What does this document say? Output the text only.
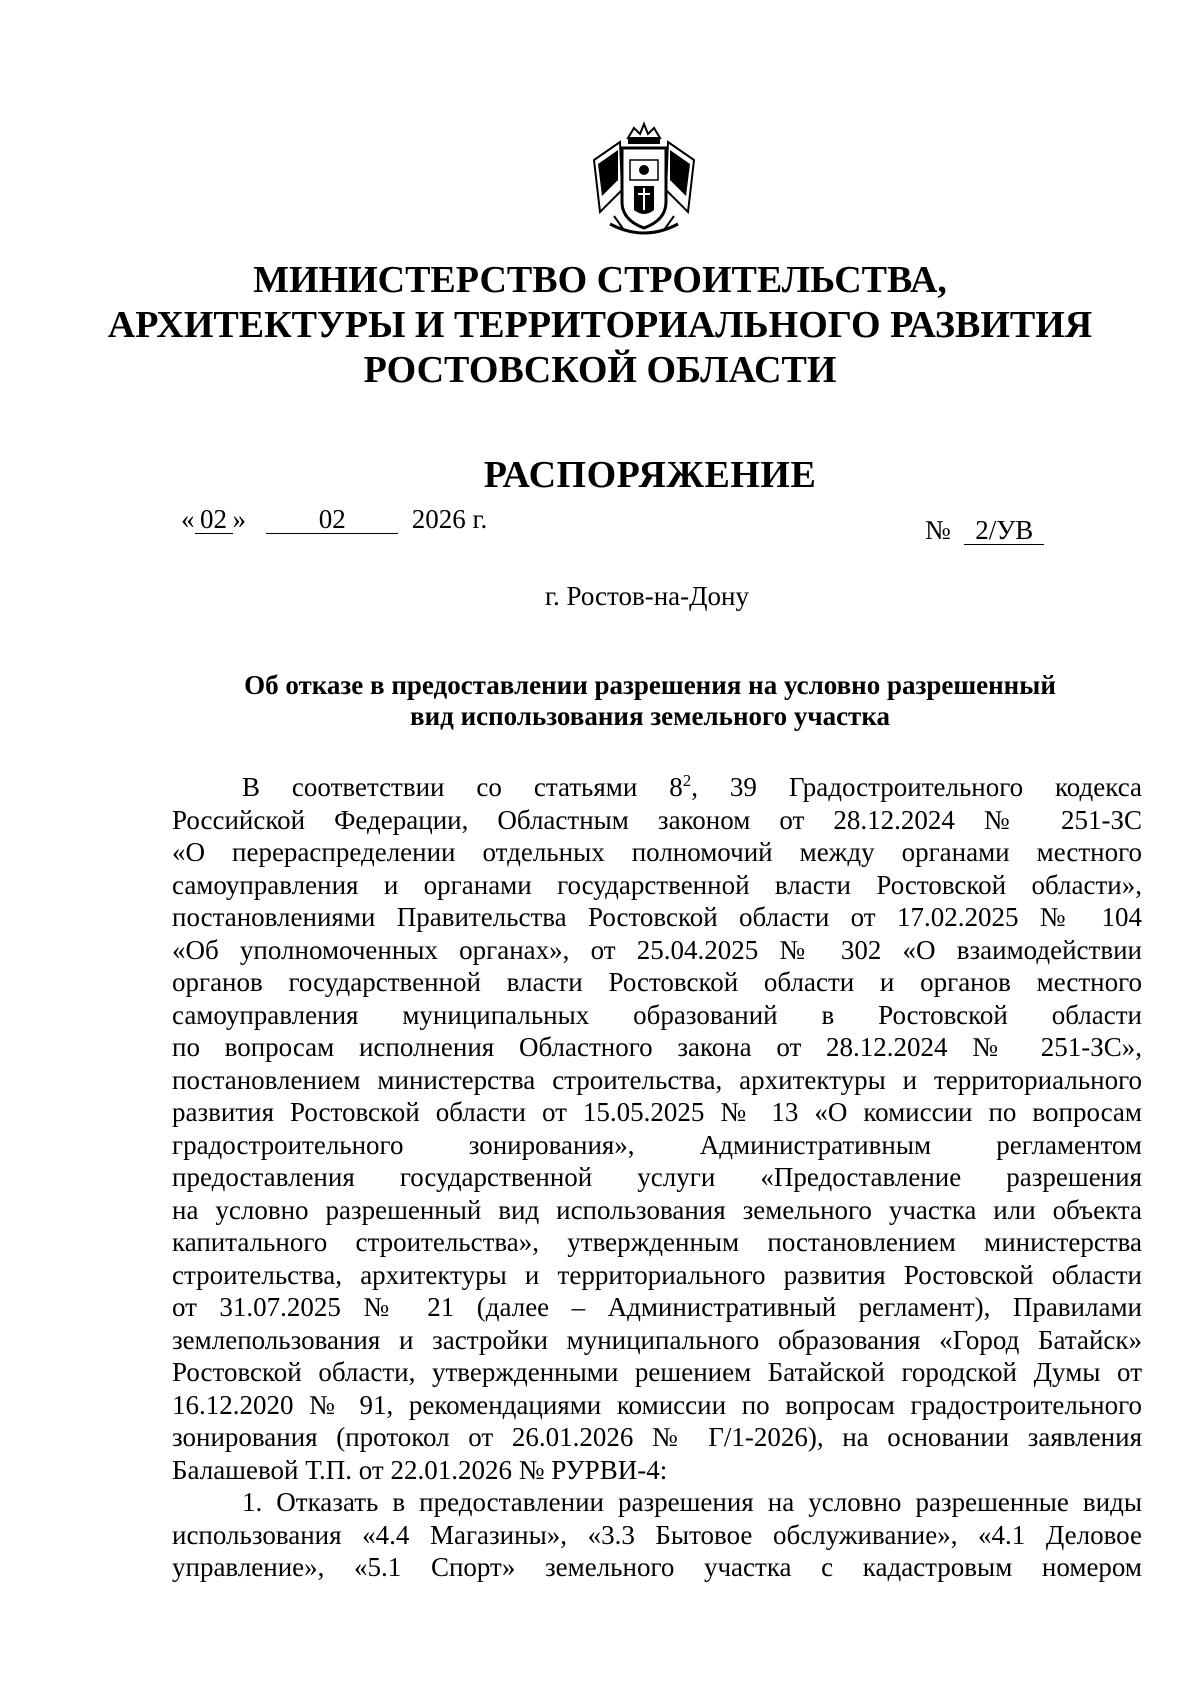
МИНИСТЕРСТВО СТРОИТЕЛЬСТВА,
АРХИТЕКТУРЫ И ТЕРРИТОРИАЛЬНОГО РАЗВИТИЯ
РОСТОВСКОЙ ОБЛАСТИ
РАСПОРЯЖЕНИЕ
« 02 »	02 2026 г.	№ 2/УВ
г. Ростов-на-Дону
Об отказе в предоставлении разрешения на условно разрешенный
вид использования земельного участка
В соответствии со статьями $8^2$, 39 Градостроительного кодекса
Российской Федерации, Областным законом от 28.12.2024 № 251-ЗС
«О перераспределении отдельных полномочий между органами местного
самоуправления и органами государственной власти Ростовской области»,
постановлениями Правительства Ростовской области от 17.02.2025 № 104
«Об уполномоченных органах», от 25.04.2025 № 302 «О взаимодействии
органов государственной власти Ростовской области и органов местного
самоуправления муниципальных образований в Ростовской области
по вопросам исполнения Областного закона от 28.12.2024 № 251-ЗС»,
постановлением министерства строительства, архитектуры и территориального
развития Ростовской области от 15.05.2025 № 13 «О комиссии по вопросам
градостроительного зонирования», Административным регламентом
предоставления государственной услуги «Предоставление разрешения
на условно разрешенный вид использования земельного участка или объекта
капитального строительства», утвержденным постановлением министерства
строительства, архитектуры и территориального развития Ростовской области
от 31.07.2025 № 21 (далее – Административный регламент), Правилами
землепользования и застройки муниципального образования «Город Батайск»
Ростовской области, утвержденными решением Батайской городской Думы от
16.12.2020 № 91, рекомендациями комиссии по вопросам градостроительного
зонирования (протокол от 26.01.2026 № Г/1-2026), на основании заявления
Балашевой Т.П. от 22.01.2026 № РУРВИ-4:
1. Отказать в предоставлении разрешения на условно разрешенные виды
использования «4.4 Магазины», «3.3 Бытовое обслуживание», «4.1 Деловое
управление», «5.1 Спорт» земельного участка с кадастровым номером
